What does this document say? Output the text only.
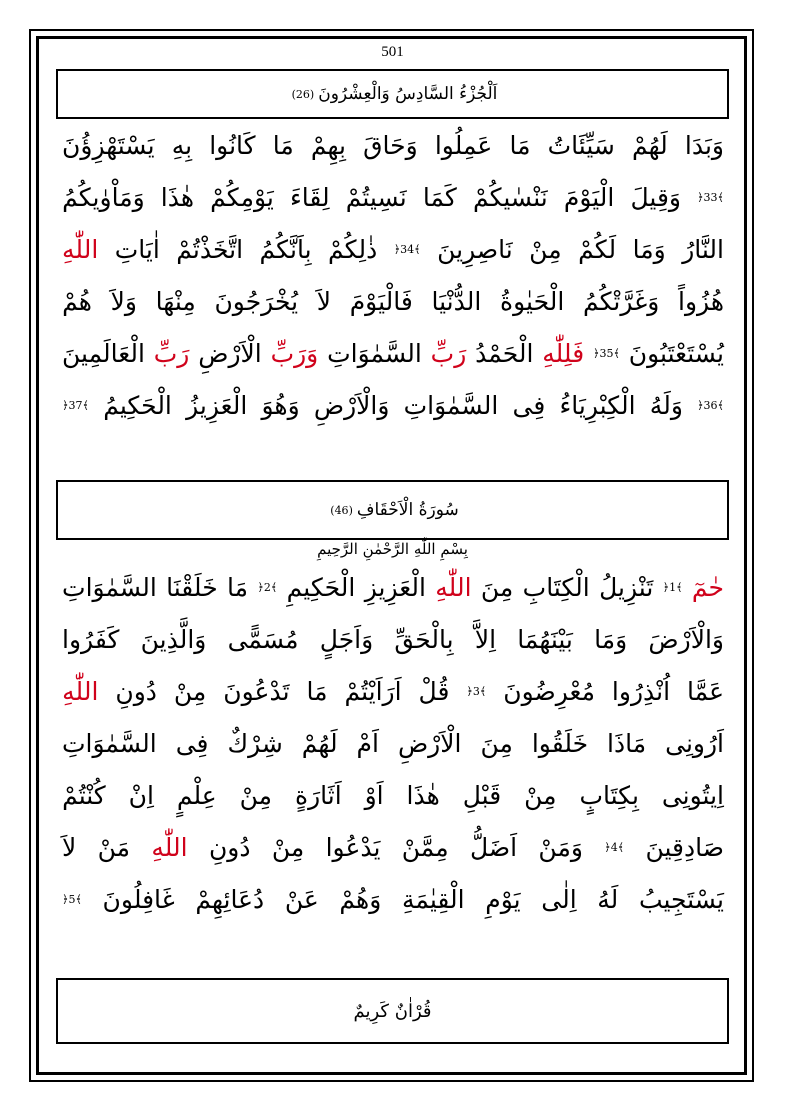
501
اَلْجُزْءُ السَّادِسُ وَالْعِشْرُونَ
(26)
وَبَدَا
لَهُمْ
سَيِّئَاتُ
مَا
عَمِلُوا
وَحَاقَ
بِهِمْ
مَا
كَانُوا
بِهِ
يَسْتَهْزِؤُنَ
﴾33﴿
وَقِيلَ
الْيَوْمَ
نَنْسٰيكُمْ
كَمَا
نَسِيتُمْ
لِقَاءَ
يَوْمِكُمْ
هٰذَا
وَمَاْوٰيكُمُ
النَّارُ
وَمَا
لَكُمْ
مِنْ
نَاصِرِينَ
﴾34﴿
ذٰلِكُمْ
بِاَنَّكُمُ
اتَّخَذْتُمْ
اٰيَاتِ
اللّٰهِ
هُزُواً
وَغَرَّتْكُمُ
الْحَيٰوةُ
الدُّنْيَا
فَالْيَوْمَ
لاَ
يُخْرَجُونَ
مِنْهَا
وَلاَ
هُمْ
يُسْتَعْتَبُونَ
﴾35﴿
فَلِلّٰهِ
الْحَمْدُ
رَبِّ
السَّمٰوَاتِ
وَرَبِّ
الْاَرْضِ
رَبِّ
الْعَالَمِينَ
﴾36﴿
وَلَهُ
الْكِبْرِيَاءُ
فِى
السَّمٰوَاتِ
وَالْاَرْضِ
وَهُوَ
الْعَزِيزُ
الْحَكِيمُ
﴾37﴿
سُورَةُ الْاَحْقَافِ
(46)
بِسْمِ اللّٰهِ الرَّحْمٰنِ الرَّحِيمِ
حٰمٓ
﴾1﴿
تَنْزِيلُ
الْكِتَابِ
مِنَ
اللّٰهِ
الْعَزِيزِ
الْحَكِيمِ
﴾2﴿
مَا
خَلَقْنَا
السَّمٰوَاتِ
وَالْاَرْضَ
وَمَا
بَيْنَهُمَا
اِلاَّ
بِالْحَقِّ
وَاَجَلٍ
مُسَمًّى
وَالَّذِينَ
كَفَرُوا
عَمَّا
اُنْذِرُوا
مُعْرِضُونَ
﴾3﴿
قُلْ
اَرَاَيْتُمْ
مَا
تَدْعُونَ
مِنْ
دُونِ
اللّٰهِ
اَرُونِى
مَاذَا
خَلَقُوا
مِنَ
الْاَرْضِ
اَمْ
لَهُمْ
شِرْكٌ
فِى
السَّمٰوَاتِ
اِيتُونِى
بِكِتَابٍ
مِنْ
قَبْلِ
هٰذَا
اَوْ
اَثَارَةٍ
مِنْ
عِلْمٍ
اِنْ
كُنْتُمْ
صَادِقِينَ
﴾4﴿
وَمَنْ
اَضَلُّ
مِمَّنْ
يَدْعُوا
مِنْ
دُونِ
اللّٰهِ
مَنْ
لاَ
يَسْتَجِيبُ
لَهُ
اِلٰى
يَوْمِ
الْقِيٰمَةِ
وَهُمْ
عَنْ
دُعَائِهِمْ
غَافِلُونَ
﴾5﴿
قُرْاٰنٌ كَرِيمٌ
